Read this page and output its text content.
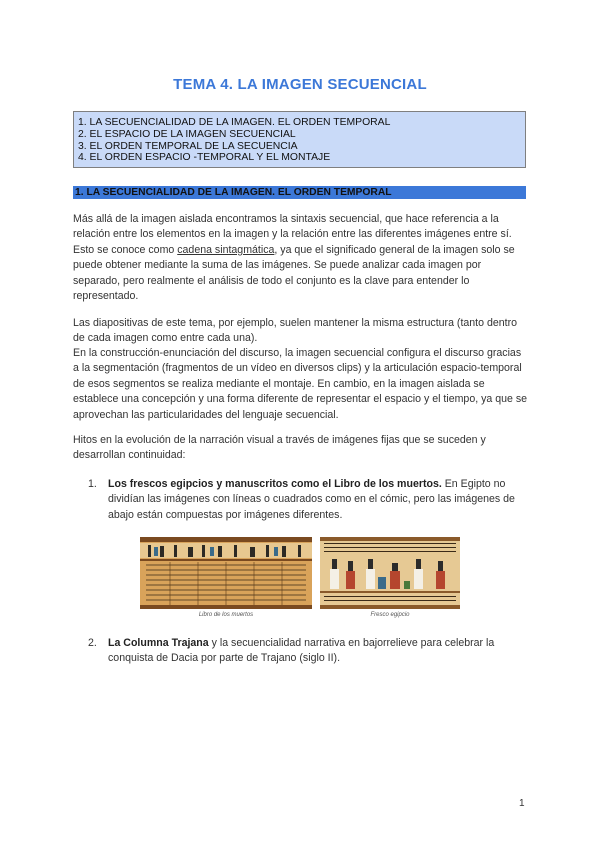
TEMA 4. LA IMAGEN SECUENCIAL
1. LA SECUENCIALIDAD DE LA IMAGEN. EL ORDEN TEMPORAL
2. EL ESPACIO DE LA IMAGEN SECUENCIAL
3. EL ORDEN TEMPORAL DE LA SECUENCIA
4. EL ORDEN ESPACIO -TEMPORAL Y EL MONTAJE
1. LA SECUENCIALIDAD DE LA IMAGEN. EL ORDEN TEMPORAL
Más allá de la imagen aislada encontramos la sintaxis secuencial, que hace referencia a la relación entre los elementos en la imagen y la relación entre las diferentes imágenes entre sí. Esto se conoce como cadena sintagmática, ya que el significado general de la imagen solo se puede obtener mediante la suma de las imágenes. Se puede analizar cada imagen por separado, pero realmente el análisis de todo el conjunto es la clave para entender lo representado.
Las diapositivas de este tema, por ejemplo, suelen mantener la misma estructura (tanto dentro de cada imagen como entre cada una).
En la construcción-enunciación del discurso, la imagen secuencial configura el discurso gracias a la segmentación (fragmentos de un vídeo en diversos clips) y la articulación espacio-temporal de esos segmentos se realiza mediante el montaje. En cambio, en la imagen aislada se establece una concepción y una forma diferente de representar el espacio y el tiempo, ya que se aprovechan las particularidades del lenguaje secuencial.
Hitos en la evolución de la narración visual a través de imágenes fijas que se suceden y desarrollan continuidad:
1. Los frescos egipcios y manuscritos como el Libro de los muertos. En Egipto no dividían las imágenes con líneas o cuadrados como en el cómic, pero las imágenes de abajo están compuestas por imágenes diferentes.
Libro de los muertos	Fresco egipcio
2. La Columna Trajana y la secuencialidad narrativa en bajorrelieve para celebrar la conquista de Dacia por parte de Trajano (siglo II).
1
